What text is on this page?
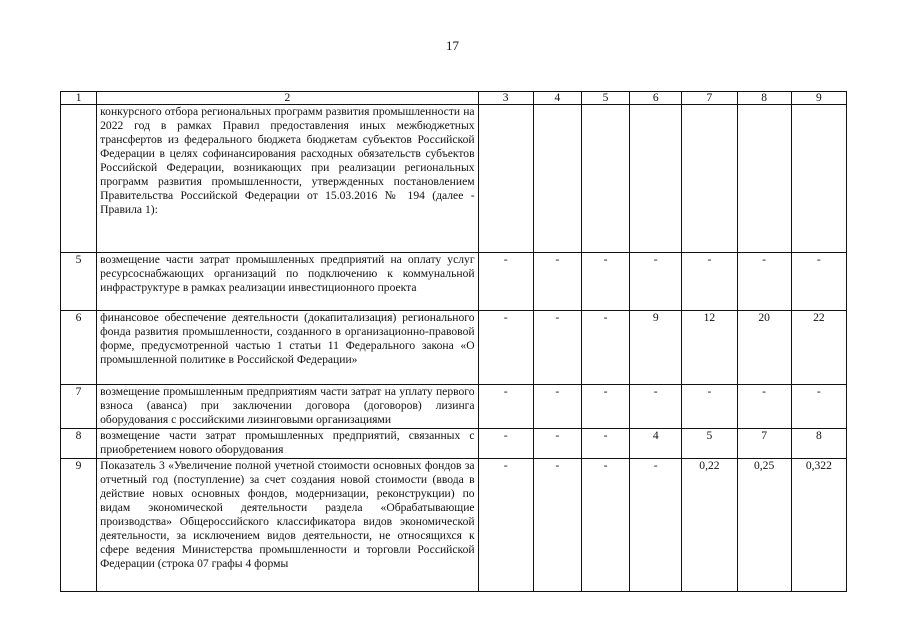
17
1	2	3	4	5	6	7	8	9
	конкурсного отбора региональных программ развития промышленности на 2022 год в рамках Правил предоставления иных межбюджетных трансфертов из федерального бюджета бюджетам субъектов Российской Федерации в целях софинансирования расходных обязательств субъектов Российской Федерации, возникающих при реализации региональных программ развития промышленности, утвержденных постановлением Правительства Российской Федерации от 15.03.2016 № 194 (далее - Правила 1):							
5	возмещение части затрат промышленных предприятий на оплату услуг ресурсоснабжающих организаций по подключению к коммунальной инфраструктуре в рамках реализации инвестиционного проекта	-	-	-	-	-	-	-
6	финансовое обеспечение деятельности (докапитализация) регионального фонда развития промышленности, созданного в организационно-правовой форме, предусмотренной частью 1 статьи 11 Федерального закона «О промышленной политике в Российской Федерации»	-	-	-	9	12	20	22
7	возмещение промышленным предприятиям части затрат на уплату первого взноса (аванса) при заключении договора (договоров) лизинга оборудования с российскими лизинговыми организациями	-	-	-	-	-	-	-
8	возмещение части затрат промышленных предприятий, связанных с приобретением нового оборудования	-	-	-	4	5	7	8
9	Показатель 3 «Увеличение полной учетной стоимости основных фондов за отчетный год (поступление) за счет создания новой стоимости (ввода в действие новых основных фондов, модернизации, реконструкции) по видам экономической деятельности раздела «Обрабатывающие производства» Общероссийского классификатора видов экономической деятельности, за исключением видов деятельности, не относящихся к сфере ведения Министерства промышленности и торговли Российской Федерации (строка 07 графы 4 формы	-	-	-	-	0,22	0,25	0,322
